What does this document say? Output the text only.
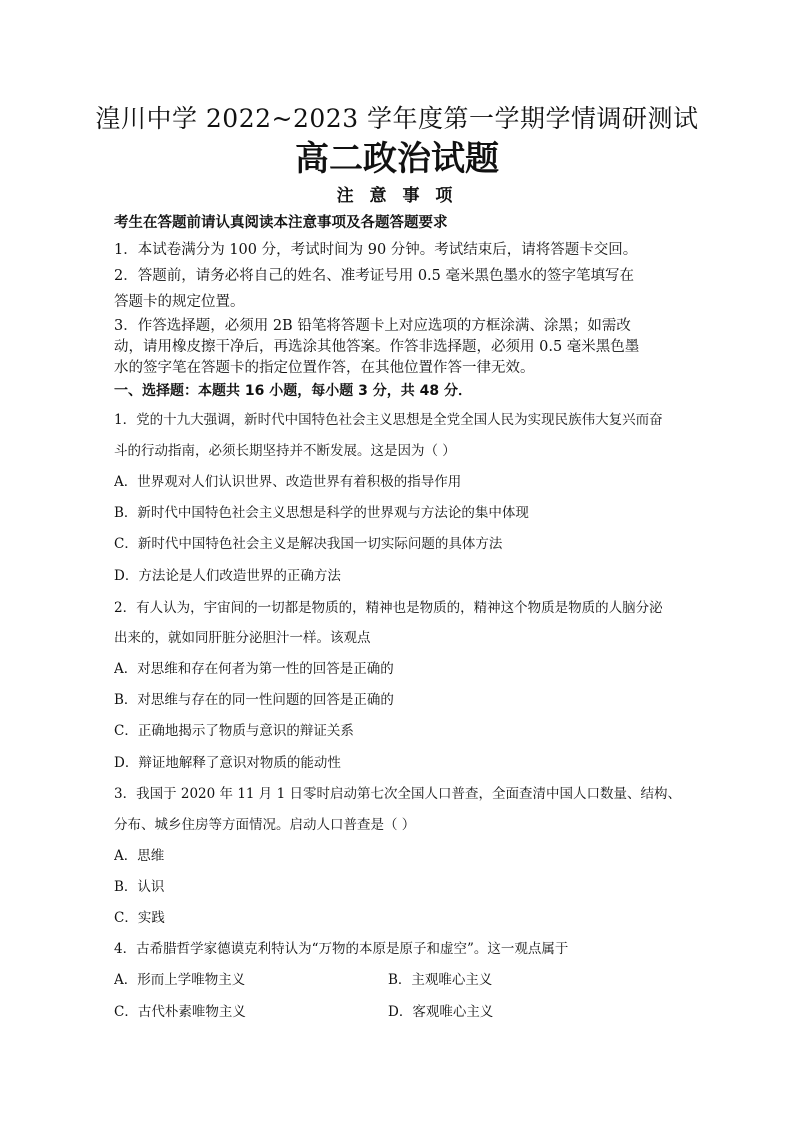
湟川中学 2022~2023 学年度第一学期学情调研测试
高二政治试题
注 意 事 项
考生在答题前请认真阅读本注意事项及各题答题要求
1．本试卷满分为 100 分，考试时间为 90 分钟。考试结束后，请将答题卡交回。
2．答题前，请务必将自己的姓名、准考证号用 0.5 毫米黑色墨水的签字笔填写在
答题卡的规定位置。
3．作答选择题，必须用 2B 铅笔将答题卡上对应选项的方框涂满、涂黑；如需改
动，请用橡皮擦干净后，再选涂其他答案。作答非选择题，必须用 0.5 毫米黑色墨
水的签字笔在答题卡的指定位置作答，在其他位置作答一律无效。
一、选择题：本题共 16 小题，每小题 3 分，共 48 分．
1．党的十九大强调，新时代中国特色社会主义思想是全党全国人民为实现民族伟大复兴而奋
斗的行动指南，必须长期坚持并不断发展。这是因为（ ）
A．世界观对人们认识世界、改造世界有着积极的指导作用
B．新时代中国特色社会主义思想是科学的世界观与方法论的集中体现
C．新时代中国特色社会主义是解决我国一切实际问题的具体方法
D．方法论是人们改造世界的正确方法
2．有人认为，宇宙间的一切都是物质的，精神也是物质的，精神这个物质是物质的人脑分泌
出来的，就如同肝脏分泌胆汁一样。该观点
A．对思维和存在何者为第一性的回答是正确的
B．对思维与存在的同一性问题的回答是正确的
C．正确地揭示了物质与意识的辩证关系
D．辩证地解释了意识对物质的能动性
3．我国于 2020 年 11 月 1 日零时启动第七次全国人口普查，全面查清中国人口数量、结构、
分布、城乡住房等方面情况。启动人口普查是（ ）
A．思维
B．认识
C．实践
4．古希腊哲学家德谟克利特认为“万物的本原是原子和虚空”。这一观点属于
A．形而上学唯物主义	B．主观唯心主义
C．古代朴素唯物主义	D．客观唯心主义
